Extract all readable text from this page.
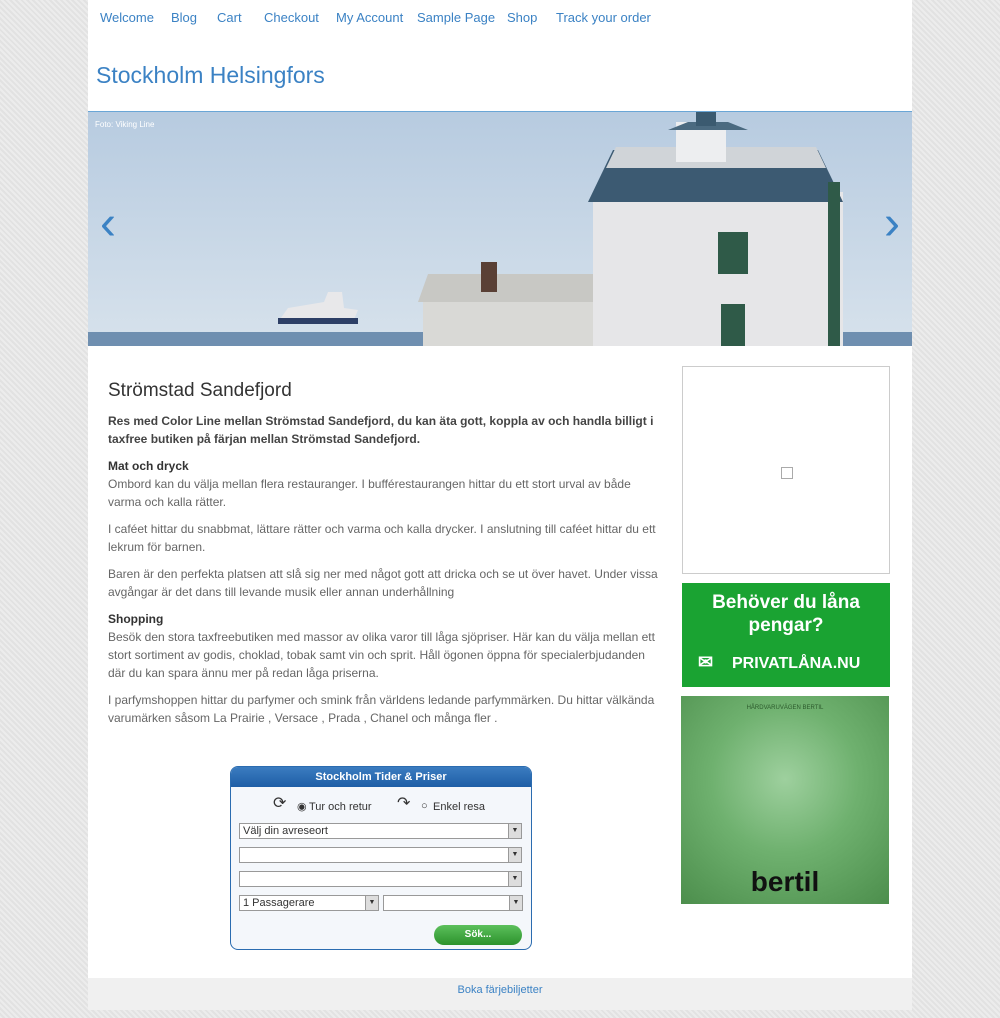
Welcome Blog Cart Checkout My Account Sample Page Shop Track your order
Stockholm Helsingfors
Foto: Viking Line
‹	›
Strömstad Sandefjord

Res med Color Line mellan Strömstad Sandefjord, du kan äta gott, koppla av och handla billigt i taxfree butiken på färjan mellan Strömstad Sandefjord.

Mat och dryck

Ombord kan du välja mellan flera restauranger. I bufférestaurangen hittar du ett stort urval av både varma och kalla rätter.

I caféet hittar du snabbmat, lättare rätter och varma och kalla drycker. I anslutning till caféet hittar du ett lekrum för barnen.

Baren är den perfekta platsen att slå sig ner med något gott att dricka och se ut över havet. Under vissa avgångar är det dans till levande musik eller annan underhållning

Shopping

Besök den stora taxfreebutiken med massor av olika varor till låga sjöpriser. Här kan du välja mellan ett stort sortiment av godis, choklad, tobak samt vin och sprit. Håll ögonen öppna för specialerbjudanden där du kan spara ännu mer på redan låga priserna.

I parfymshoppen hittar du parfymer och smink från världens ledande parfymmärken. Du hittar välkända varumärken såsom La Prairie , Versace , Prada , Chanel och många fler .

Stockholm Tider & Priser
⟳ ◉ Tur och retur ↷ ○ Enkel resa
Välj din avreseort	▼
▼
▼
1 Passagerare	▼	▼
Sök...
Behöver du låna pengar?
✉ PRIVATLÅNA.NU
HÅRDVARUVÄGEN BERTIL
bertil
Boka färjebiljetter
